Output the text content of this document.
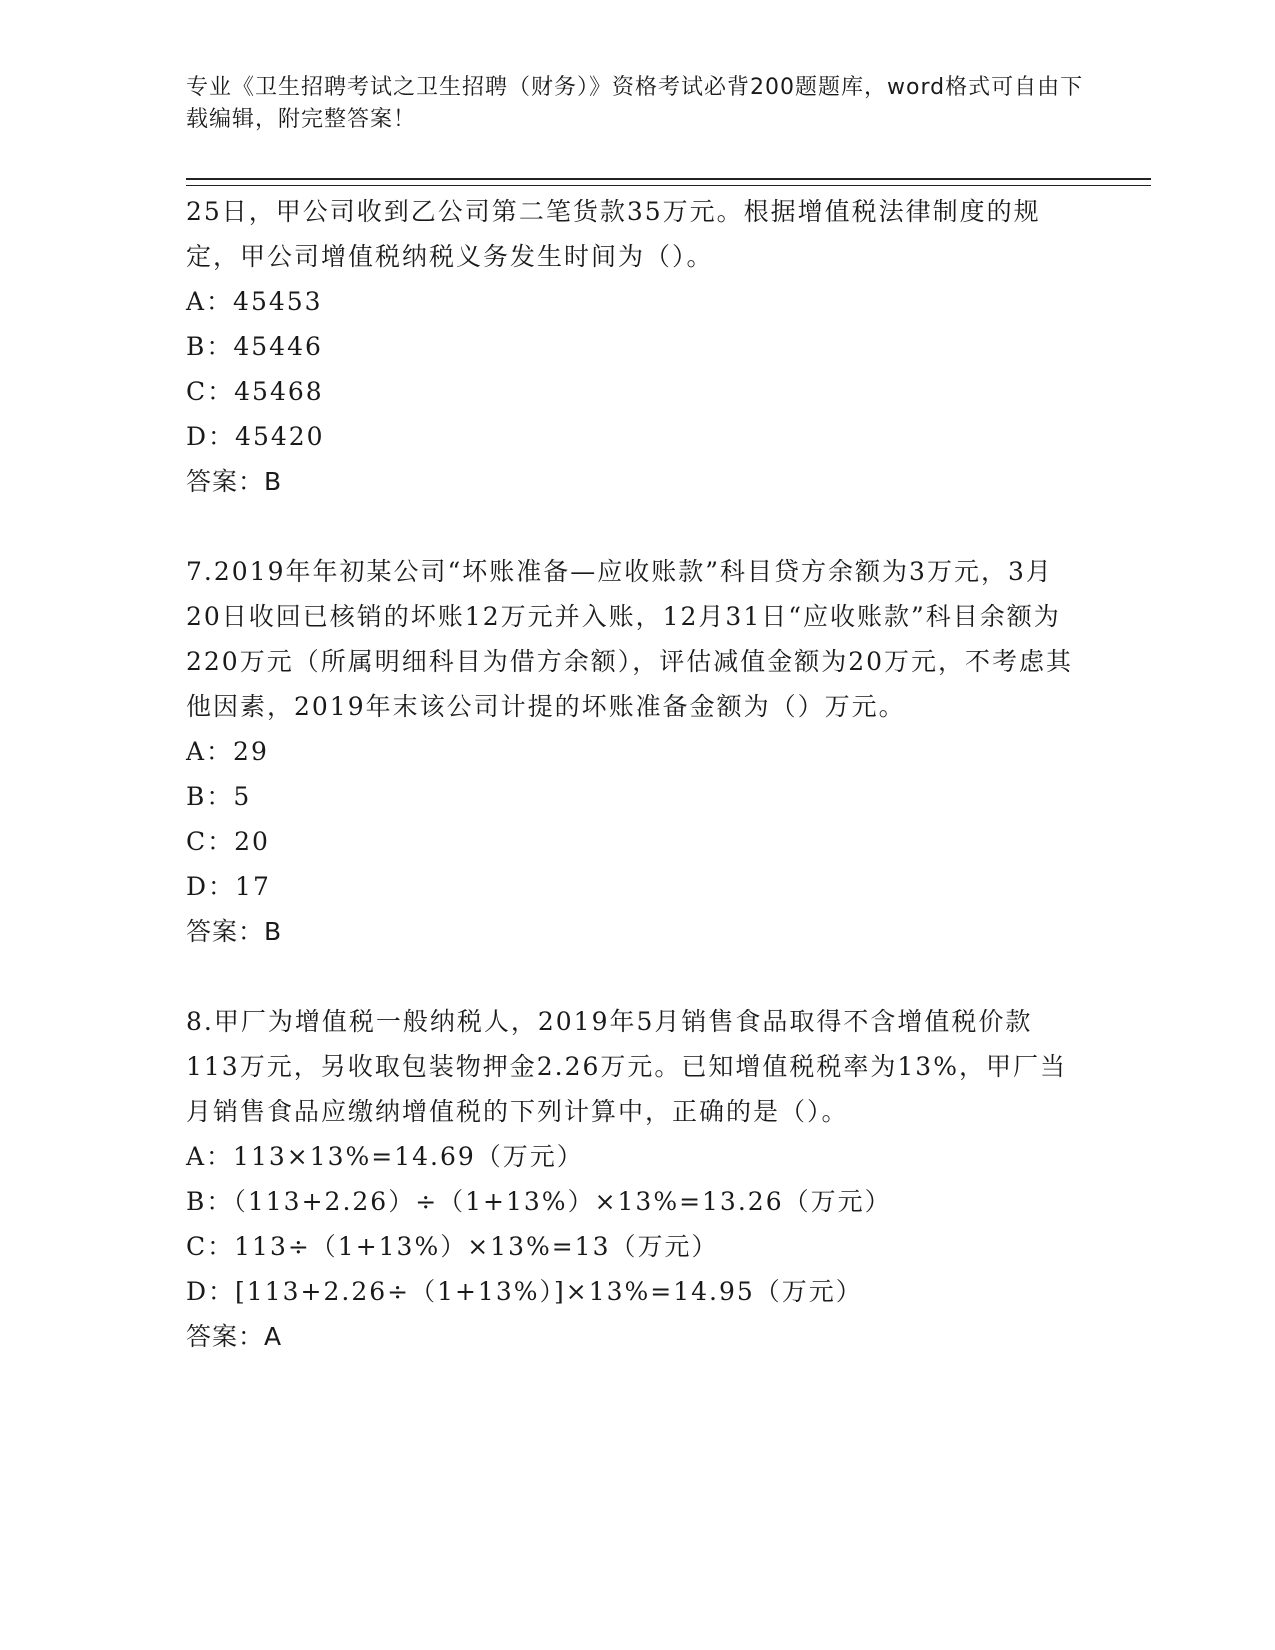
专业《卫生招聘考试之卫生招聘（财务）》资格考试必背200题题库，word格式可自由下载编辑，附完整答案！

25日，甲公司收到乙公司第二笔货款35万元。根据增值税法律制度的规定，甲公司增值税纳税义务发生时间为（）。

A：45453
B：45446
C：45468
D：45420
答案：B

7.2019年年初某公司“坏账准备—应收账款”科目贷方余额为3万元，3月20日收回已核销的坏账12万元并入账，12月31日“应收账款”科目余额为220万元（所属明细科目为借方余额），评估减值金额为20万元，不考虑其他因素，2019年末该公司计提的坏账准备金额为（）万元。

A：29
B：5
C：20
D：17
答案：B

8.甲厂为增值税一般纳税人，2019年5月销售食品取得不含增值税价款113万元，另收取包装物押金2.26万元。已知增值税税率为13%，甲厂当月销售食品应缴纳增值税的下列计算中，正确的是（）。

A：113×13%=14.69（万元）
B：（113+2.26）÷（1+13%）×13%=13.26（万元）
C：113÷（1+13%）×13%=13（万元）
D：[113+2.26÷（1+13%）]×13%=14.95（万元）
答案：A
